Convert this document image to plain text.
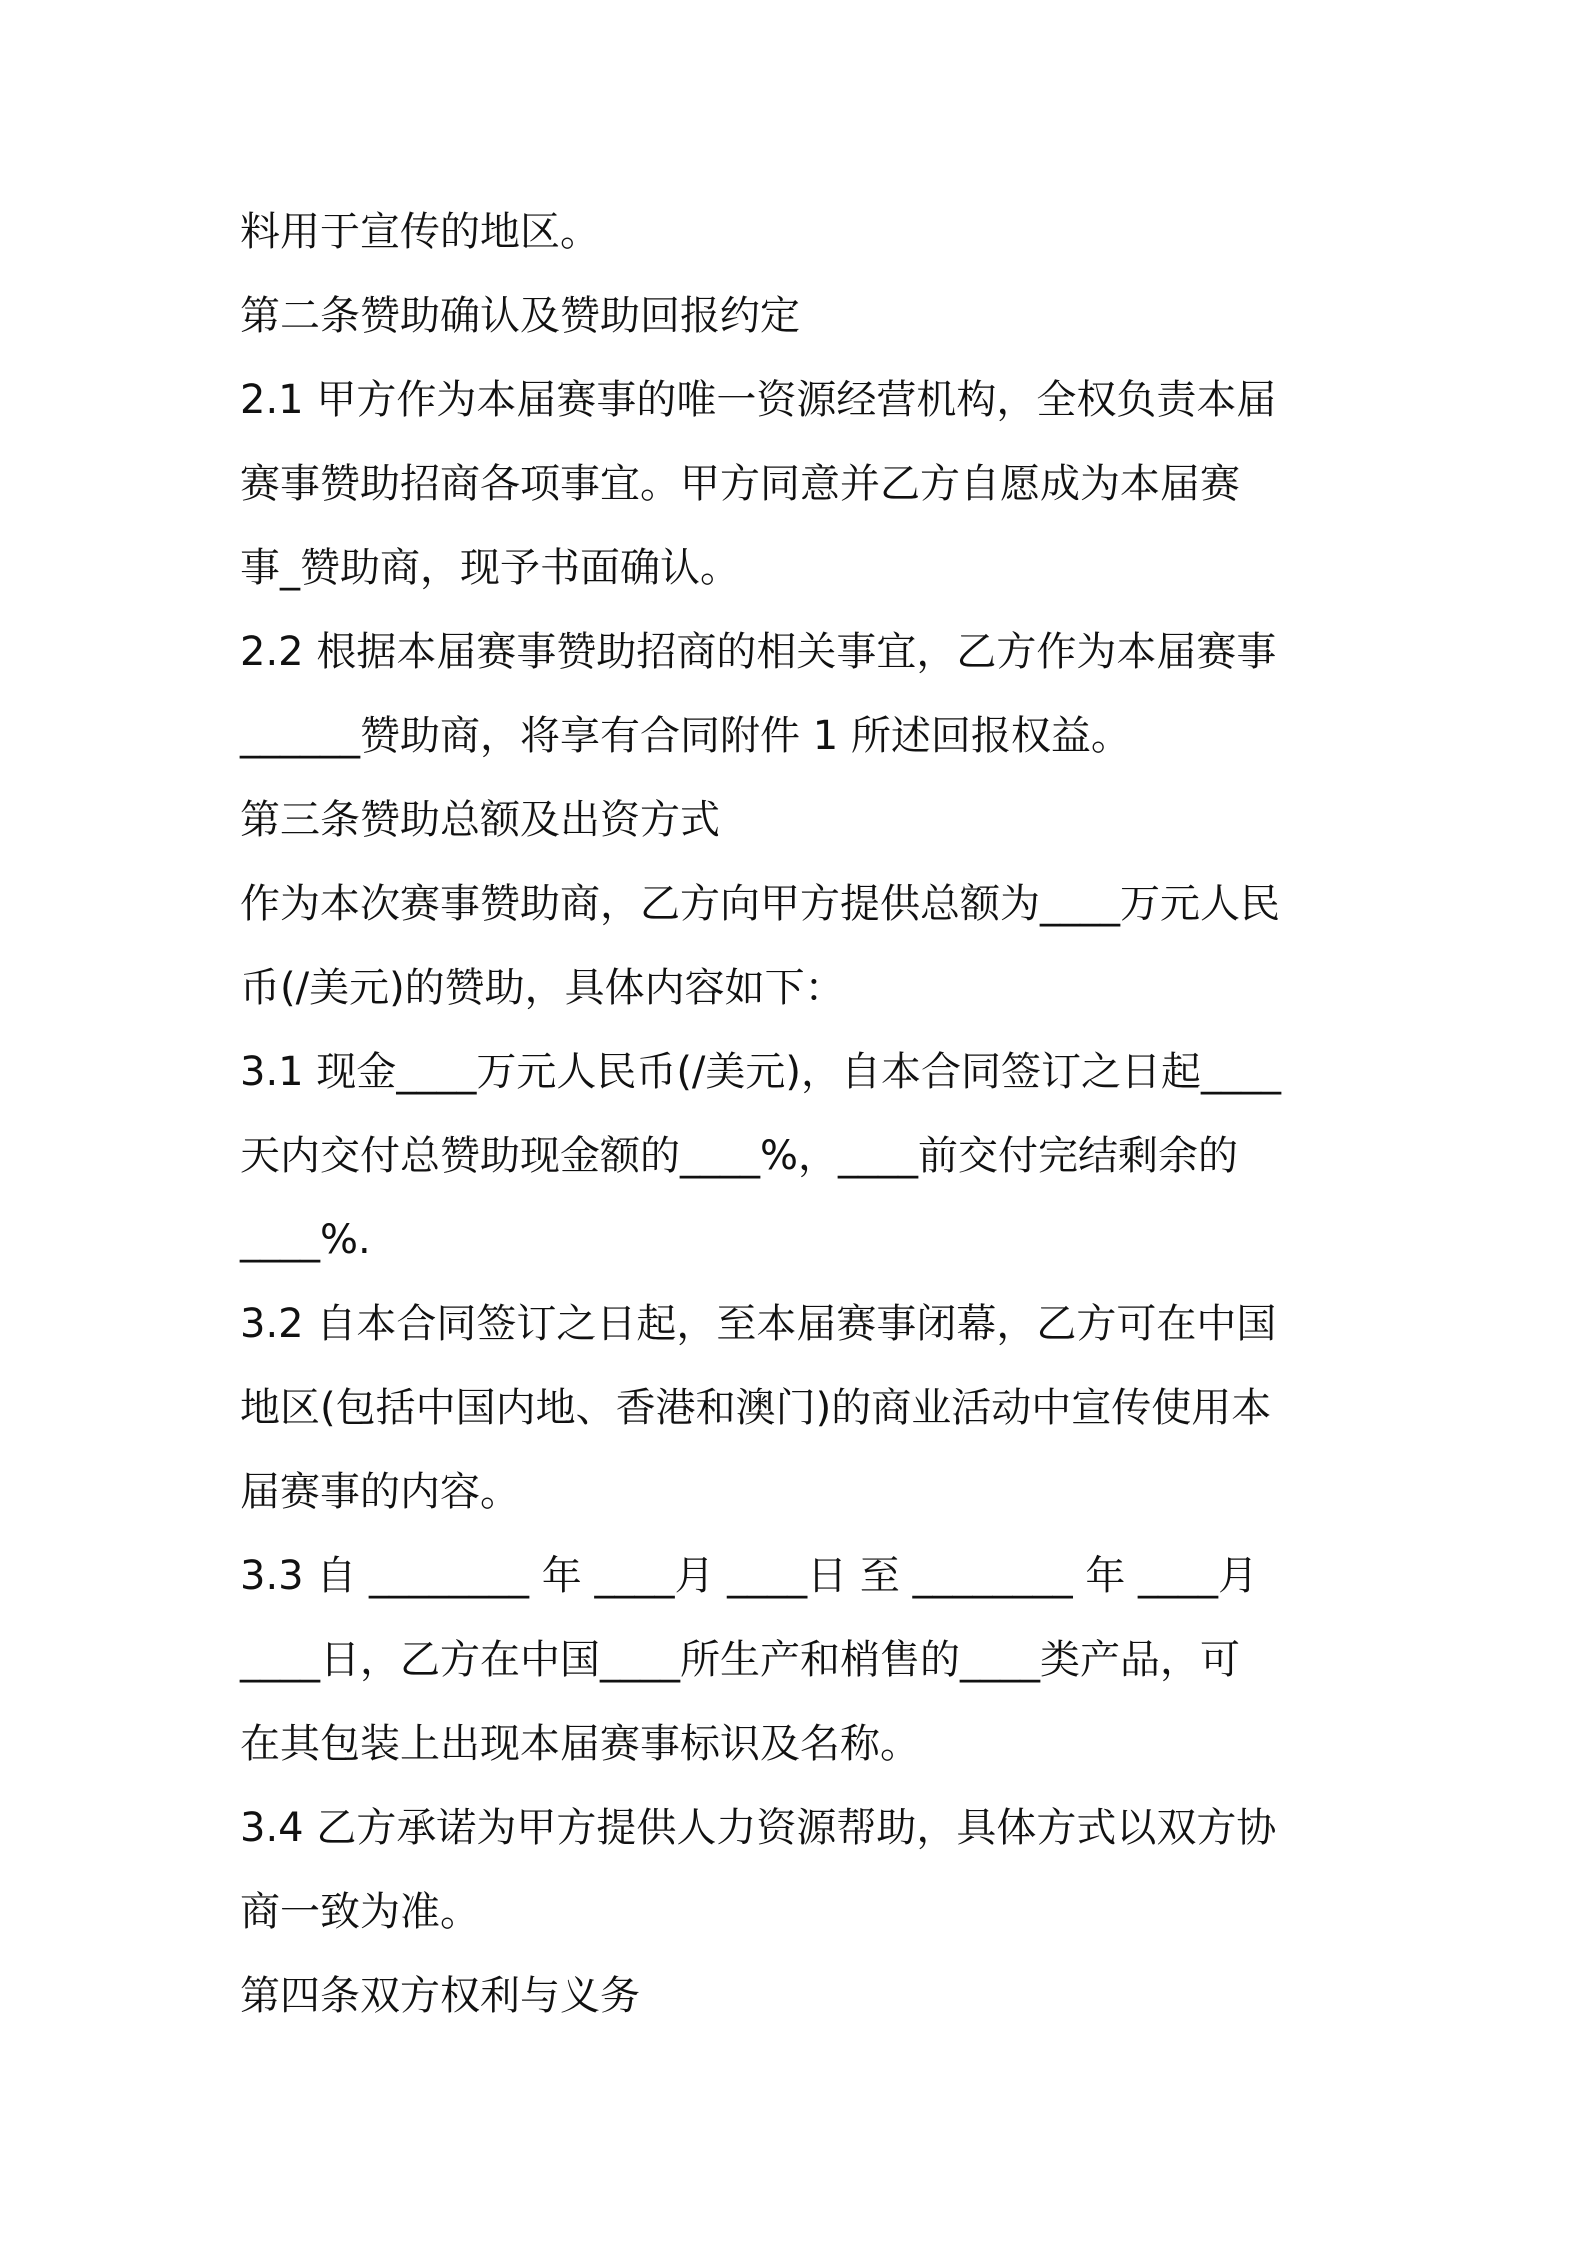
料用于宣传的地区。
第二条赞助确认及赞助回报约定
2.1 甲方作为本届赛事的唯一资源经营机构，全权负责本届
赛事赞助招商各项事宜。甲方同意并乙方自愿成为本届赛
事_赞助商，现予书面确认。
2.2 根据本届赛事赞助招商的相关事宜，乙方作为本届赛事
______赞助商，将享有合同附件 1 所述回报权益。
第三条赞助总额及出资方式
作为本次赛事赞助商，乙方向甲方提供总额为____万元人民
币(/美元)的赞助，具体内容如下：
3.1 现金____万元人民币(/美元)，自本合同签订之日起____
天内交付总赞助现金额的____%，____前交付完结剩余的
____%.
3.2 自本合同签订之日起，至本届赛事闭幕，乙方可在中国
地区(包括中国内地、香港和澳门)的商业活动中宣传使用本
届赛事的内容。
3.3 自 ________ 年 ____月 ____日 至 ________ 年 ____月
____日，乙方在中国____所生产和梢售的____类产品，可
在其包装上出现本届赛事标识及名称。
3.4 乙方承诺为甲方提供人力资源帮助，具体方式以双方协
商一致为准。
第四条双方权利与义务
